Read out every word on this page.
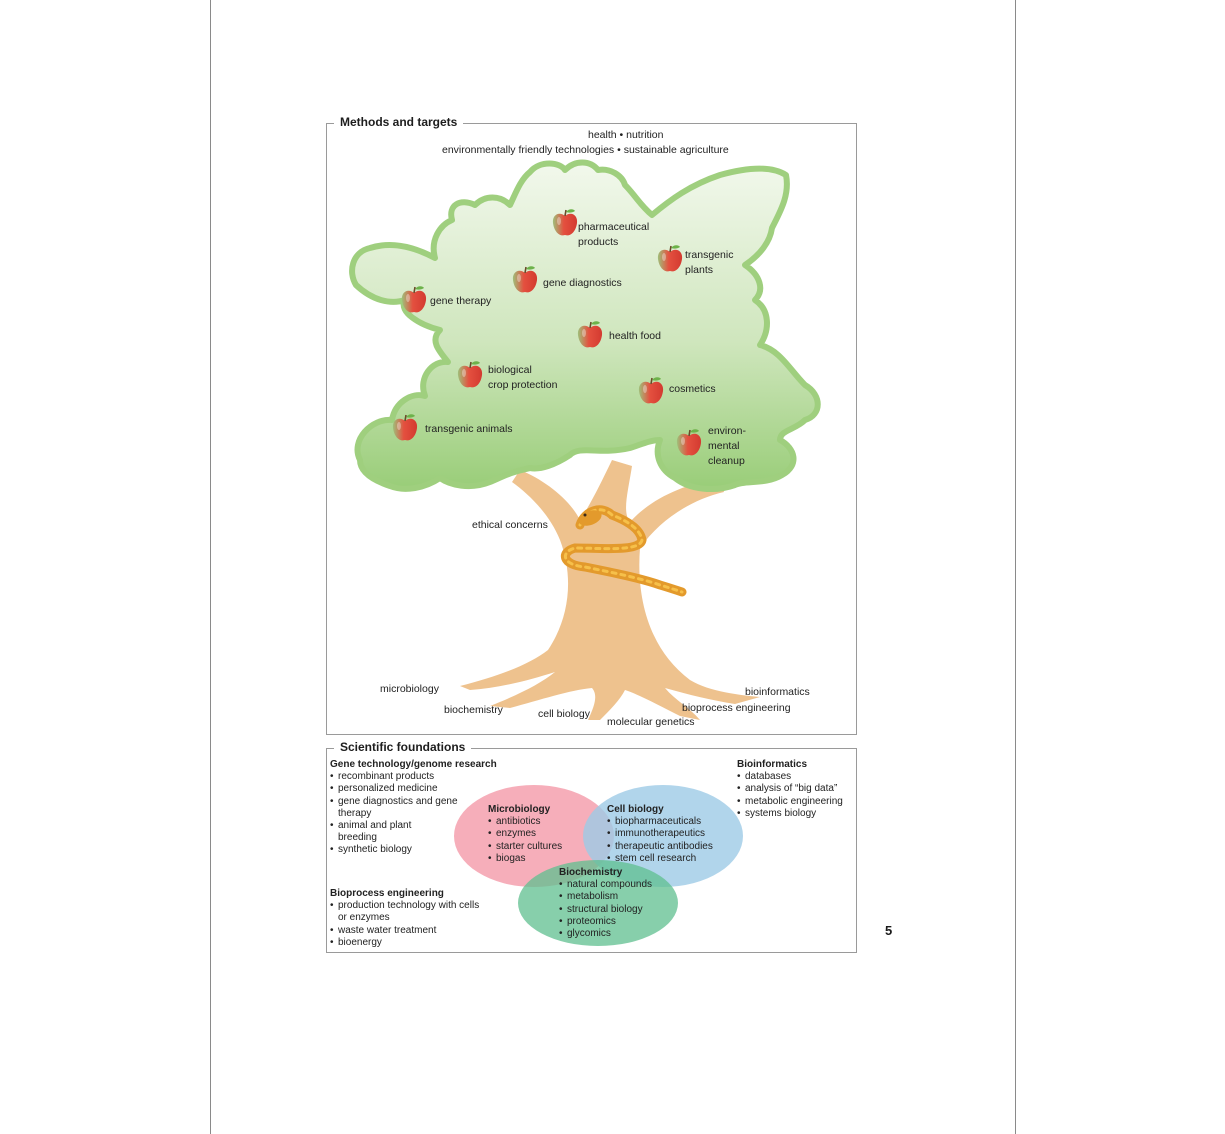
Methods and targets
health • nutrition
environmentally friendly technologies • sustainable agriculture
pharmaceutical
products
transgenic
plants
gene diagnostics
gene therapy
health food
biological
crop protection	cosmetics
transgenic animals	environ-
mental
cleanup
ethical concerns
microbiology
biochemistry	cell biology
molecular genetics
bioprocess engineering
bioinformatics
Scientific foundations
Gene technology/genome research
• recombinant products
• personalized medicine
• gene diagnostics and gene
therapy
• animal and plant
breeding
• synthetic biology
Bioprocess engineering
• production technology with cells
or enzymes
• waste water treatment
• bioenergy
Bioinformatics
• databases
• analysis of “big data”
• metabolic engineering
• systems biology
Microbiology
• antibiotics
• enzymes
• starter cultures
• biogas
Cell biology
• biopharmaceuticals
• immunotherapeutics
• therapeutic antibodies
• stem cell research
Biochemistry
• natural compounds
• metabolism
• structural biology
• proteomics
• glycomics	5
